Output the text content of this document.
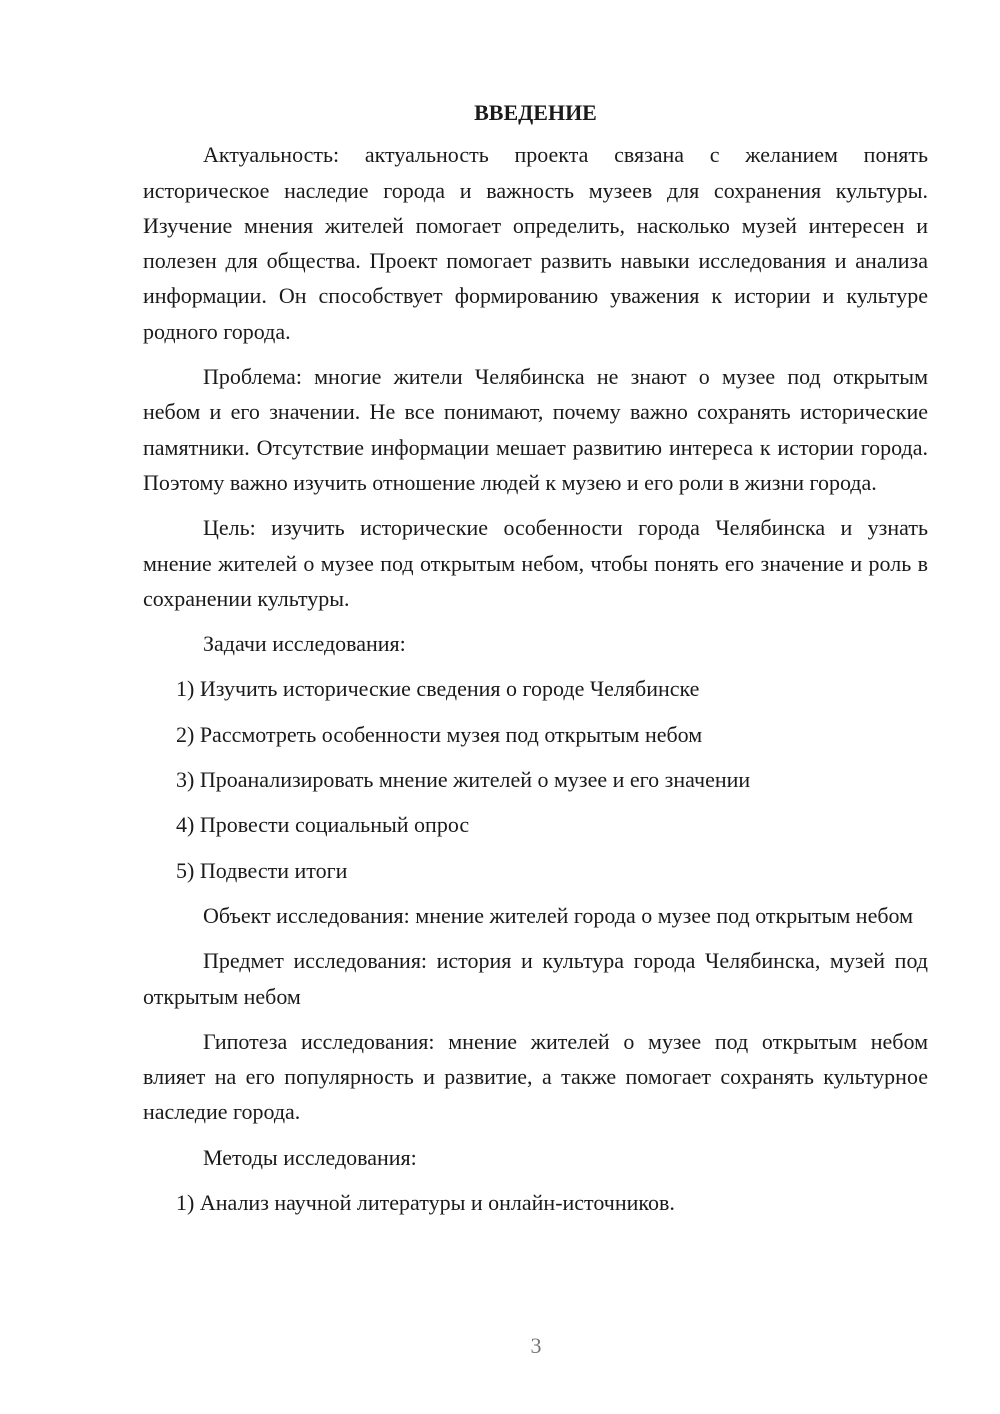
ВВЕДЕНИЕ

Актуальность: актуальность проекта связана с желанием понять историческое наследие города и важность музеев для сохранения культуры. Изучение мнения жителей помогает определить, насколько музей интересен и полезен для общества. Проект помогает развить навыки исследования и анализа информации. Он способствует формированию уважения к истории и культуре родного города.

Проблема: многие жители Челябинска не знают о музее под открытым небом и его значении. Не все понимают, почему важно сохранять исторические памятники. Отсутствие информации мешает развитию интереса к истории города. Поэтому важно изучить отношение людей к музею и его роли в жизни города.

Цель: изучить исторические особенности города Челябинска и узнать мнение жителей о музее под открытым небом, чтобы понять его значение и роль в сохранении культуры.

Задачи исследования:

1) Изучить исторические сведения о городе Челябинске

2) Рассмотреть особенности музея под открытым небом

3) Проанализировать мнение жителей о музее и его значении

4) Провести социальный опрос

5) Подвести итоги

Объект исследования: мнение жителей города о музее под открытым небом

Предмет исследования: история и культура города Челябинска, музей под открытым небом

Гипотеза исследования: мнение жителей о музее под открытым небом влияет на его популярность и развитие, а также помогает сохранять культурное наследие города.

Методы исследования:

1) Анализ научной литературы и онлайн-источников.

3
